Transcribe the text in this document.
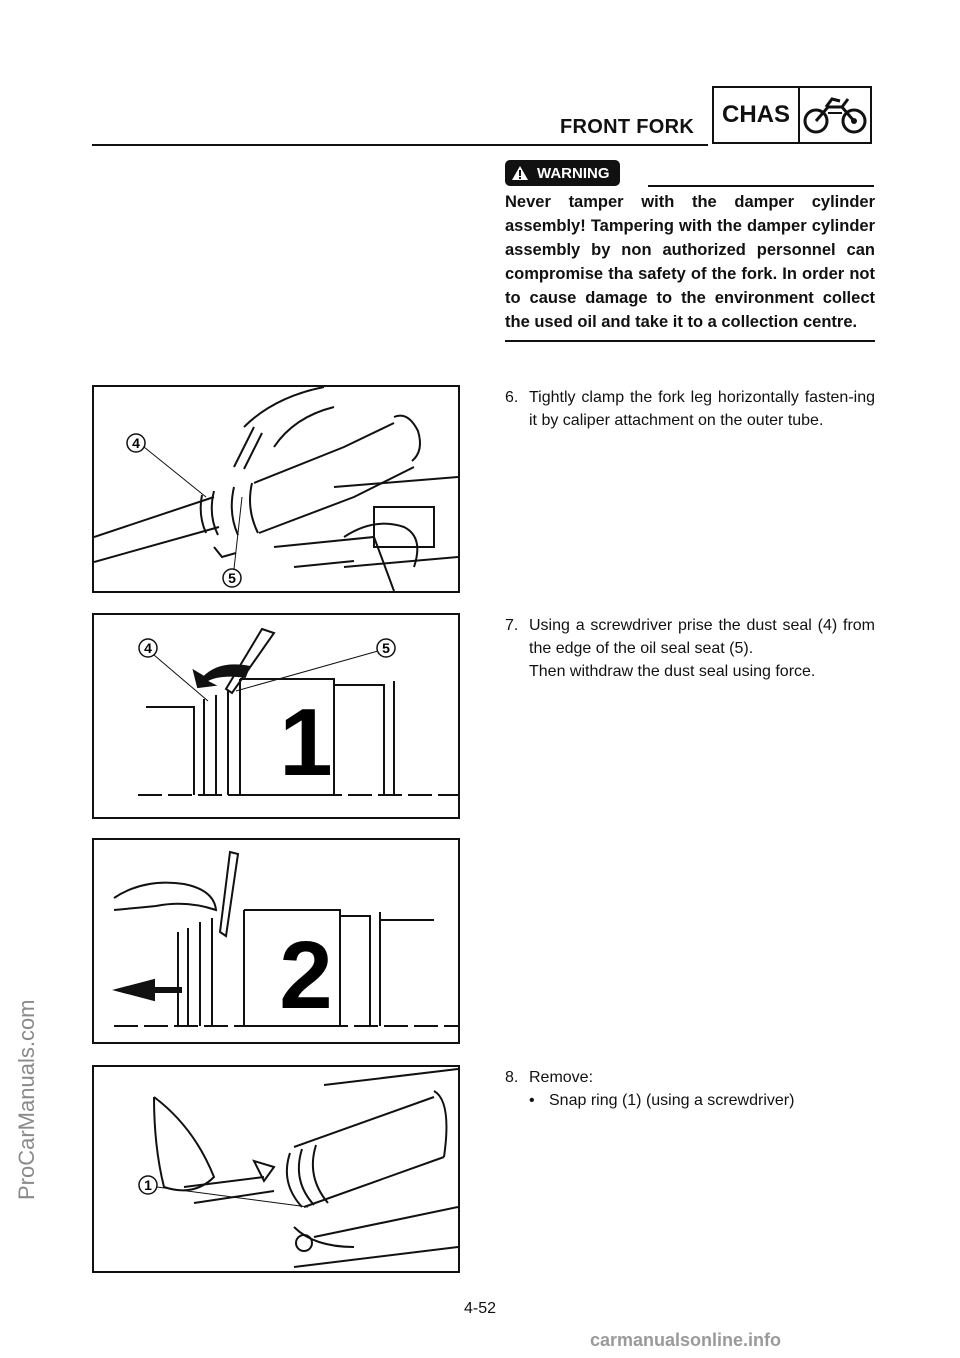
FRONT FORK	CHAS
WARNING
Never tamper with the damper cylinder assembly! Tampering with the damper cylinder assembly by non authorized personnel can compromise tha safety of the fork. In order not to cause damage to the environment collect the used oil and take it to a collection centre.
4
5
1
4	5
2
1
6. Tightly clamp the fork leg horizontally fasten-ing it by caliper attachment on the outer tube.
7. Using a screwdriver prise the dust seal (4) from the edge of the oil seal seat (5).
Then withdraw the dust seal using force.
8. Remove:
• Snap ring (1) (using a screwdriver)
4-52
ProCarManuals.com
carmanualsonline.info
